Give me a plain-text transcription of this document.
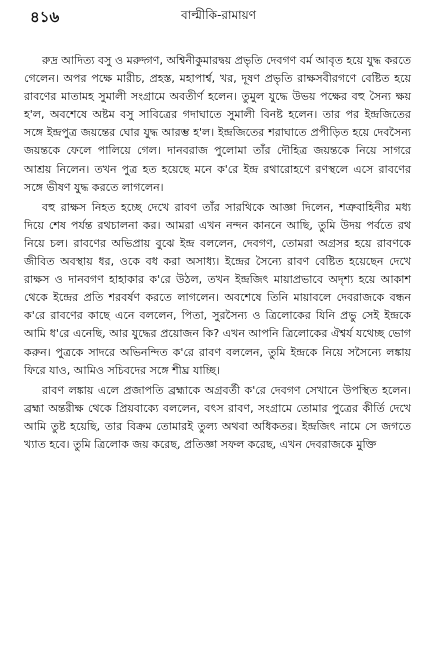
৪১৬	বাল্মীকি-রামায়ণ

রুদ্র আদিত্য বসু ও মরুদ্গণ, অশ্বিনীকুমারদ্বয় প্রভৃতি দেবগণ বর্ম আবৃত হয়ে যুদ্ধ করতে গেলেন। অপর পক্ষে মারীচ, প্রহস্ত, মহাপার্শ্ব, খর, দূষণ প্রভৃতি রাক্ষসবীরগণে বেষ্টিত হয়ে রাবণের মাতামহ সুমালী সংগ্রামে অবতীর্ণ হলেন। তুমুল যুদ্ধে উভয় পক্ষের বহু সৈন্য ক্ষয় হ'ল, অবশেষে অষ্টম বসু সাবিত্রের গদাঘাতে সুমালী বিনষ্ট হলেন। তার পর ইন্দ্রজিতের সঙ্গে ইন্দ্রপুত্র জয়ন্তের ঘোর যুদ্ধ আরম্ভ হ'ল। ইন্দ্রজিতের শরাঘাতে প্রপীড়িত হয়ে দেবসৈন্য জয়ন্তকে ফেলে পালিয়ে গেল। দানবরাজ পুলোমা তাঁর দৌহিত্র জয়ন্তকে নিয়ে সাগরে আশ্রয় নিলেন। তখন পুত্র হত হয়েছে মনে ক'রে ইন্দ্র রথারোহণে রণস্থলে এসে রাবণের সঙ্গে ভীষণ যুদ্ধ করতে লাগলেন।

বহু রাক্ষস নিহত হচ্ছে দেখে রাবণ তাঁর সারথিকে আজ্ঞা দিলেন, শত্রুবাহিনীর মধ্য দিয়ে শেষ পর্যন্ত রথচালনা কর। আমরা এখন নন্দন কাননে আছি, তুমি উদয় পর্বতে রথ নিয়ে চল। রাবণের অভিপ্রায় বুঝে ইন্দ্র বললেন, দেবগণ, তোমরা অগ্রসর হয়ে রাবণকে জীবিত অবস্থায় ধর, ওকে বধ করা অসাধ্য। ইন্দ্রের সৈন্যে রাবণ বেষ্টিত হয়েছেন দেখে রাক্ষস ও দানবগণ হাহাকার ক'রে উঠল, তখন ইন্দ্রজিৎ মায়াপ্রভাবে অদৃশ্য হয়ে আকাশ থেকে ইন্দ্রের প্রতি শরবর্ষণ করতে লাগলেন। অবশেষে তিনি মায়াবলে দেবরাজকে বন্ধন ক'রে রাবণের কাছে এনে বললেন, পিতা, সুরসৈন্য ও ত্রিলোকের যিনি প্রভু সেই ইন্দ্রকে আমি ধ'রে এনেছি, আর যুদ্ধের প্রয়োজন কি? এখন আপনি ত্রিলোকের ঐশ্বর্য যথেচ্ছ ভোগ করুন। পুত্রকে সাদরে অভিনন্দিত ক'রে রাবণ বললেন, তুমি ইন্দ্রকে নিয়ে সসৈন্যে লঙ্কায় ফিরে যাও, আমিও সচিবদের সঙ্গে শীঘ্র যাচ্ছি।

রাবণ লঙ্কায় এলে প্রজাপতি ব্রহ্মাকে অগ্রবর্তী ক'রে দেবগণ সেখানে উপস্থিত হলেন। ব্রহ্মা অন্তরীক্ষ থেকে প্রিয়বাক্যে বললেন, বৎস রাবণ, সংগ্রামে তোমার পুত্রের কীর্তি দেখে আমি তুষ্ট হয়েছি, তার বিক্রম তোমারই তুল্য অথবা অধিকতর। ইন্দ্রজিৎ নামে সে জগতে খ্যাত হবে। তুমি ত্রিলোক জয় করেছ, প্রতিজ্ঞা সফল করেছ, এখন দেবরাজকে মুক্তি
